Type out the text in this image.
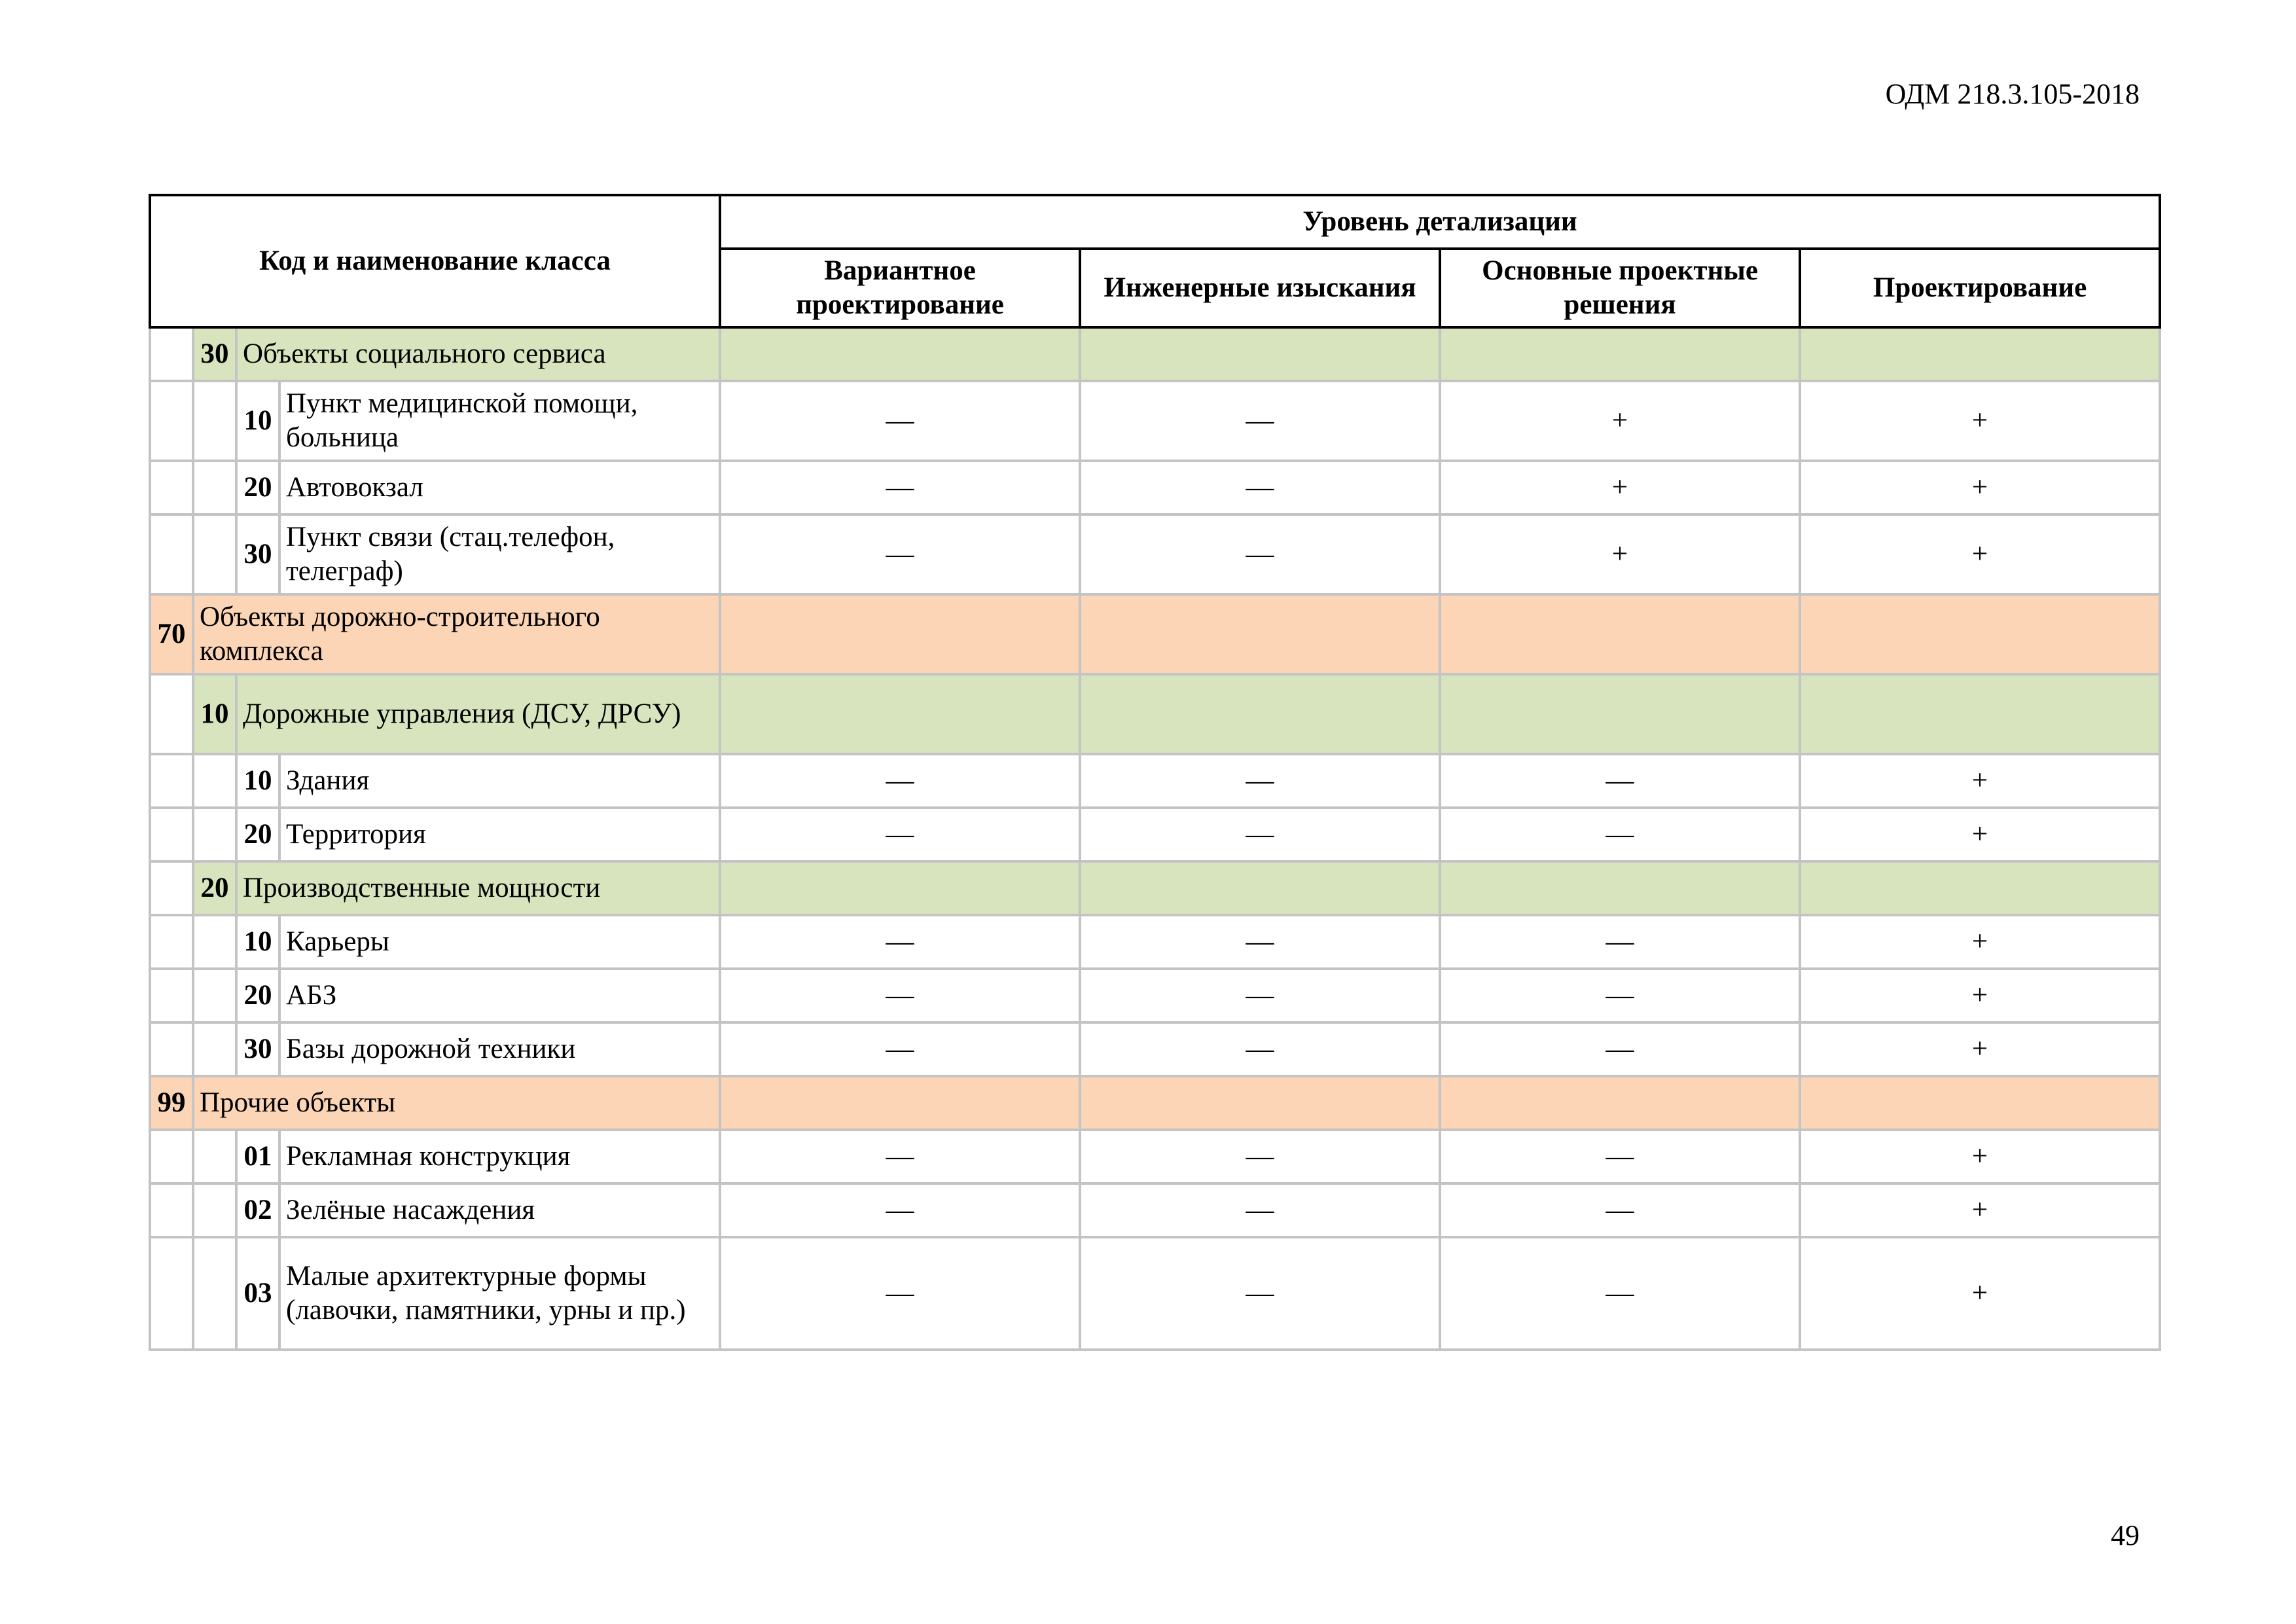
ОДМ 218.3.105-2018
Код и наименование класса				Уровень детализации			
				Вариантное проектирование	Инженерные изыскания	Основные проектные решения	Проектирование
	30	Объекты социального сервиса					
		10	Пункт медицинской помощи, больница	—	—	+	+
		20	Автовокзал	—	—	+	+
		30	Пункт связи (стац.телефон, телеграф)	—	—	+	+
70	Объекты дорожно-строительного комплекса						
	10	Дорожные управления (ДСУ, ДРСУ)					
		10	Здания	—	—	—	+
		20	Территория	—	—	—	+
	20	Производственные мощности					
		10	Карьеры	—	—	—	+
		20	АБЗ	—	—	—	+
		30	Базы дорожной техники	—	—	—	+
99	Прочие объекты						
		01	Рекламная конструкция	—	—	—	+
		02	Зелёные насаждения	—	—	—	+
		03	Малые архитектурные формы (лавочки, памятники, урны и пр.)	—	—	—	+
49
